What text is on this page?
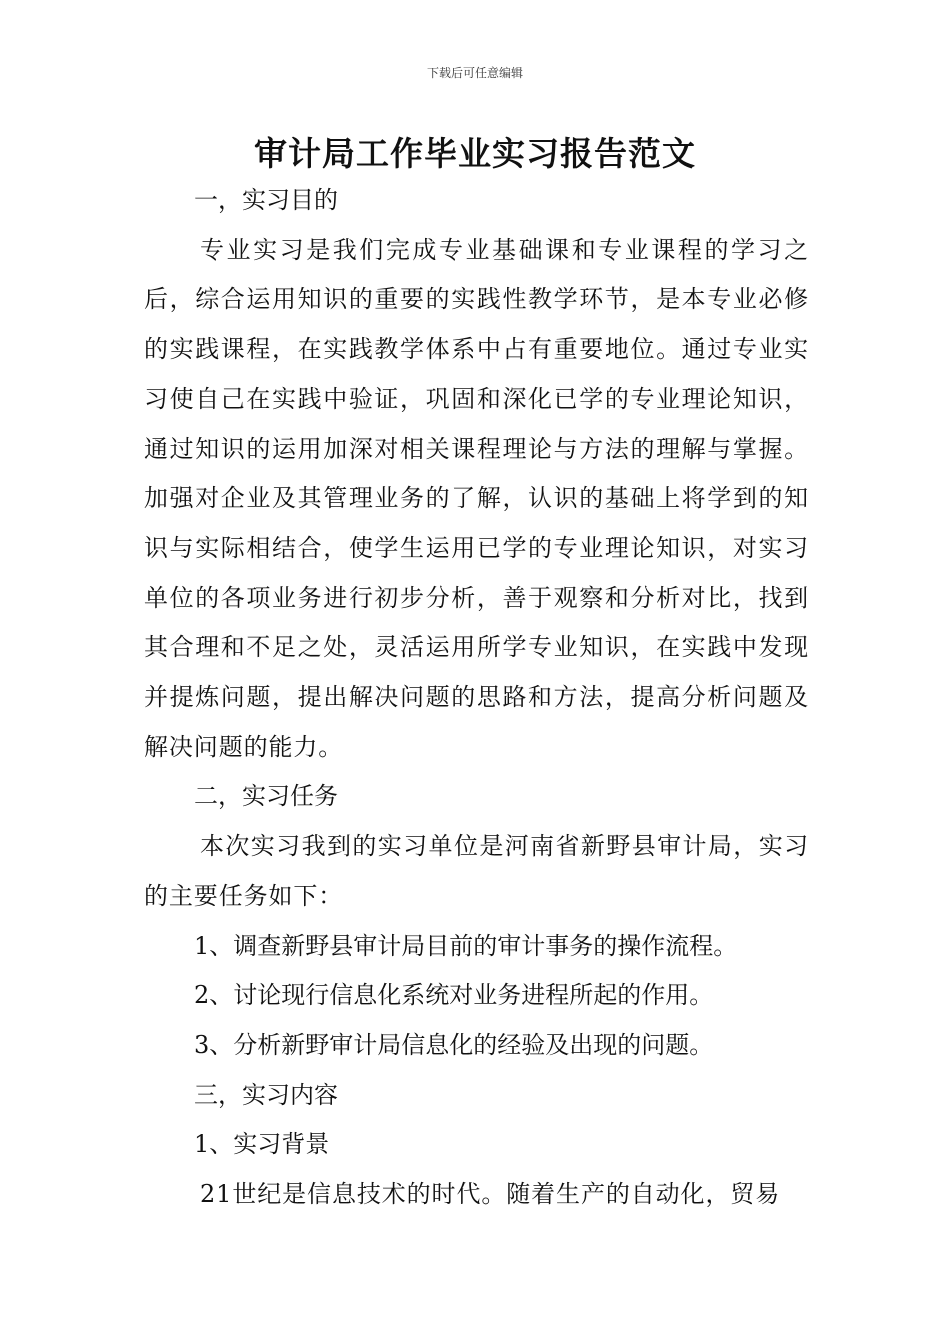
下载后可任意编辑
审计局工作毕业实习报告范文

一，实习目的

专业实习是我们完成专业基础课和专业课程的学习之后，综合运用知识的重要的实践性教学环节，是本专业必修的实践课程，在实践教学体系中占有重要地位。通过专业实习使自己在实践中验证，巩固和深化已学的专业理论知识，通过知识的运用加深对相关课程理论与方法的理解与掌握。加强对企业及其管理业务的了解，认识的基础上将学到的知识与实际相结合，使学生运用已学的专业理论知识，对实习单位的各项业务进行初步分析，善于观察和分析对比，找到其合理和不足之处，灵活运用所学专业知识，在实践中发现并提炼问题，提出解决问题的思路和方法，提高分析问题及解决问题的能力。

二，实习任务

本次实习我到的实习单位是河南省新野县审计局，实习的主要任务如下：

1、调查新野县审计局目前的审计事务的操作流程。

2、讨论现行信息化系统对业务进程所起的作用。

3、分析新野审计局信息化的经验及出现的问题。

三，实习内容

1、实习背景

21世纪是信息技术的时代。随着生产的自动化，贸易
